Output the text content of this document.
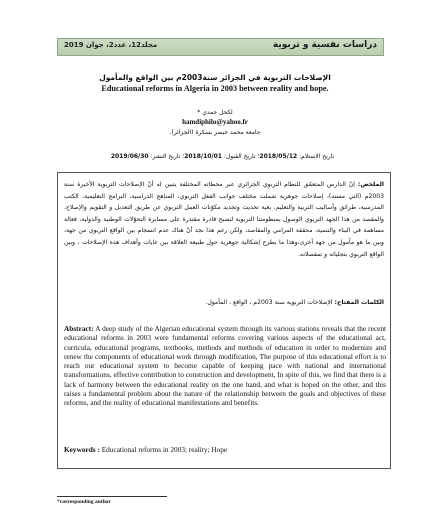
مجلد12، عدد2، جوان 2019	دراسات نفسية و تربوية
الإصلاحات التربوية في الجزائر سنة2003م بين الواقع والمأمول
Educational reforms in Algeria in 2003 between reality and hope.
لكحل حمدي *
hamdiphilo@yahoo.fr
جامعة محمد خيضر بسكرة (الجزائر).
تاريخ الاستلام: 2018/05/12؛ تاريخ القبول: 2018/10/01؛ تاريخ النشر: 2019/06/30

الملخص: إنّ الدارس المتعمّق للنظام التربوي الجزائري عبر محطاته المختلفة يتبين له أنّ الإصلاحات التربوية الأخيرة سنة 2003م (التي مسته)، إصلاحات جوهرية شملت مختلف جوانب الفعل التربوي، المناهج الدراسية، البرامج التعليمية، الكتب المدرسية، طرائق وأساليب التربية والتعليم، بغية تحديث وتجديد مكوّنات العمل التربوي عن طريق التعديل و التقويم والإصلاح، والمقصد من هذا الجهد التربوي الوصول بمنظومتنا التربوية لتصبح قادرة مقتدرة على مسايرة التحوّلات الوطنية والدولية، فعالة مساهمة في البناء والتنمية، محققة المرامي والمقاصد، ولكن رغم هذا نجد أنّ هناك عدم انسجام بين الواقع التربوي من جهة، وبين ما هو مأمول من جهة أخرى،وهذا ما يطرح إشكالية جوهرية حول طبيعة العلاقة بين غايات وأهداف هذه الإصلاحات ، وبين الواقع التربوي بتجلياته و تمفصلاته.

الكلمات المفتاح: الإصلاحات التربوية سنة 2003م ، الواقع ، المأمول.

Abstract: A deep study of the Algerian educational system through its various stations reveals that the recent educational reforms in 2003 were fundamental reforms covering various aspects of the educational act, curricula, educational programs, textbooks, methods and methods of education in order to modernize and renew the components of educational work through modification, The purpose of this educational effort is to reach our educational system to become capable of keeping pace with national and international transformations, effective contribution to construction and development, In spite of this, we find that there is a lack of harmony between the educational reality on the one hand, and what is hoped on the other, and this raises a fundamental problem about the nature of the relationship between the goals and objectives of these reforms, and the reality of educational manifestations and benefits.

Keywords : Educational reforms in 2003; reality; Hope

*corresponding author
